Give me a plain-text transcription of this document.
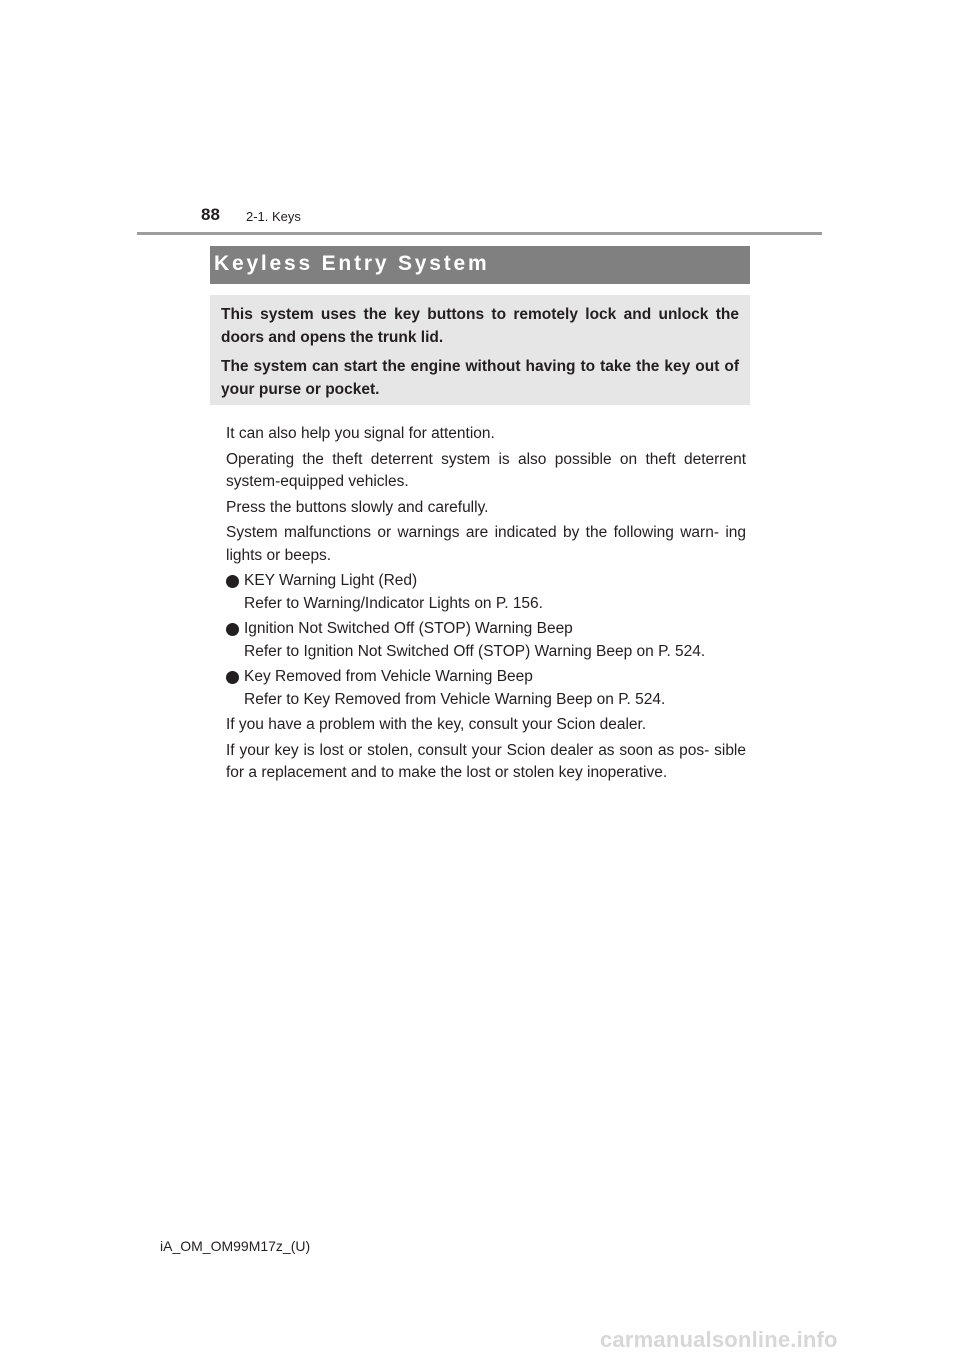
88 2-1. Keys
Keyless Entry System

This system uses the key buttons to remotely lock and unlock the doors and opens the trunk lid.

The system can start the engine without having to take the key out of your purse or pocket.

It can also help you signal for attention.

Operating the theft deterrent system is also possible on theft deterrent system-equipped vehicles.

Press the buttons slowly and carefully.

System malfunctions or warnings are indicated by the following warn- ing lights or beeps.

KEY Warning Light (Red)
Refer to Warning/Indicator Lights on P. 156.
Ignition Not Switched Off (STOP) Warning Beep
Refer to Ignition Not Switched Off (STOP) Warning Beep on P. 524.
Key Removed from Vehicle Warning Beep
Refer to Key Removed from Vehicle Warning Beep on P. 524.

If you have a problem with the key, consult your Scion dealer.

If your key is lost or stolen, consult your Scion dealer as soon as pos- sible for a replacement and to make the lost or stolen key inoperative.

iA_OM_OM99M17z_(U)
carmanualsonline.info
